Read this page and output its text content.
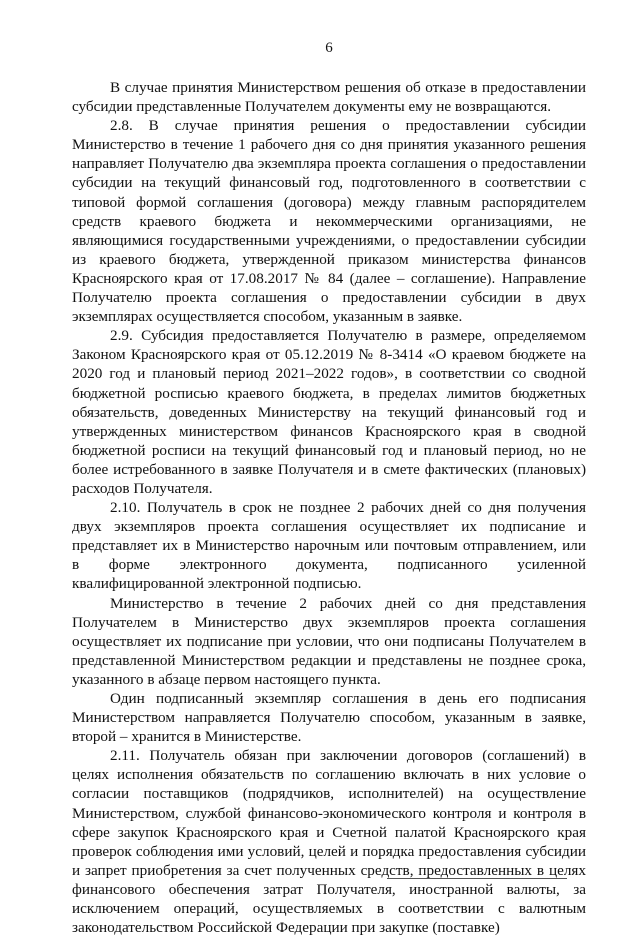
6

В случае принятия Министерством решения об отказе в предоставлении субсидии представленные Получателем документы ему не возвращаются.

2.8. В случае принятия решения о предоставлении субсидии Министерство в течение 1 рабочего дня со дня принятия указанного решения направляет Получателю два экземпляра проекта соглашения о предоставлении субсидии на текущий финансовый год, подготовленного в соответствии с типовой формой соглашения (договора) между главным распорядителем средств краевого бюджета и некоммерческими организациями, не являющимися государственными учреждениями, о предоставлении субсидии из краевого бюджета, утвержденной приказом министерства финансов Красноярского края от 17.08.2017 № 84 (далее – соглашение). Направление Получателю проекта соглашения о предоставлении субсидии в двух экземплярах осуществляется способом, указанным в заявке.

2.9. Субсидия предоставляется Получателю в размере, определяемом Законом Красноярского края от 05.12.2019 № 8-3414 «О краевом бюджете на 2020 год и плановый период 2021–2022 годов», в соответствии со сводной бюджетной росписью краевого бюджета, в пределах лимитов бюджетных обязательств, доведенных Министерству на текущий финансовый год и утвержденных министерством финансов Красноярского края в сводной бюджетной росписи на текущий финансовый год и плановый период, но не более истребованного в заявке Получателя и в смете фактических (плановых) расходов Получателя.

2.10. Получатель в срок не позднее 2 рабочих дней со дня получения двух экземпляров проекта соглашения осуществляет их подписание и представляет их в Министерство нарочным или почтовым отправлением, или в форме электронного документа, подписанного усиленной квалифицированной электронной подписью.

Министерство в течение 2 рабочих дней со дня представления Получателем в Министерство двух экземпляров проекта соглашения осуществляет их подписание при условии, что они подписаны Получателем в представленной Министерством редакции и представлены не позднее срока, указанного в абзаце первом настоящего пункта.

Один подписанный экземпляр соглашения в день его подписания Министерством направляется Получателю способом, указанным в заявке, второй – хранится в Министерстве.

2.11. Получатель обязан при заключении договоров (соглашений) в целях исполнения обязательств по соглашению включать в них условие о согласии поставщиков (подрядчиков, исполнителей) на осуществление Министерством, службой финансово-экономического контроля и контроля в сфере закупок Красноярского края и Счетной палатой Красноярского края проверок соблюдения ими условий, целей и порядка предоставления субсидии и запрет приобретения за счет полученных средств, предоставленных в целях финансового обеспечения затрат Получателя, иностранной валюты, за исключением операций, осуществляемых в соответствии с валютным законодательством Российской Федерации при закупке (поставке)
